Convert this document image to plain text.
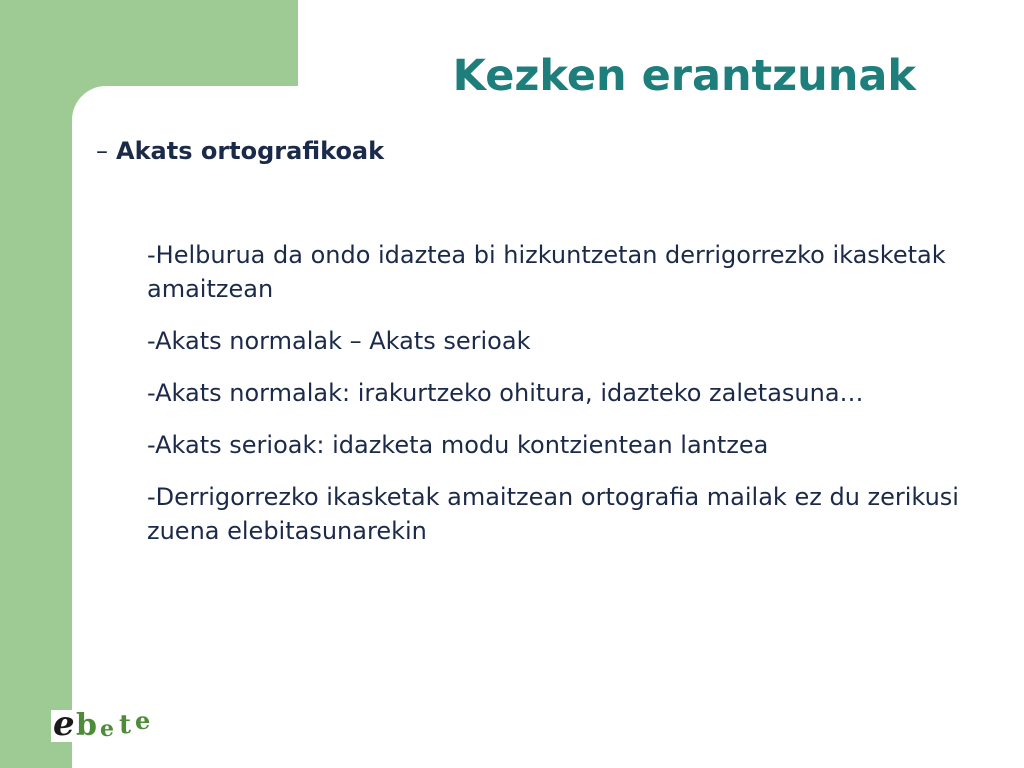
Kezken erantzunak
– Akats ortografikoak
-Helburua da ondo idaztea bi hizkuntzetan derrigorrezko ikasketak amaitzean
-Akats normalak – Akats serioak
-Akats normalak: irakurtzeko ohitura, idazteko zaletasuna…
-Akats serioak: idazketa modu kontzientean lantzea
-Derrigorrezko ikasketak amaitzean ortografia mailak ez du zerikusi zuena elebitasunarekin
e b e t e
